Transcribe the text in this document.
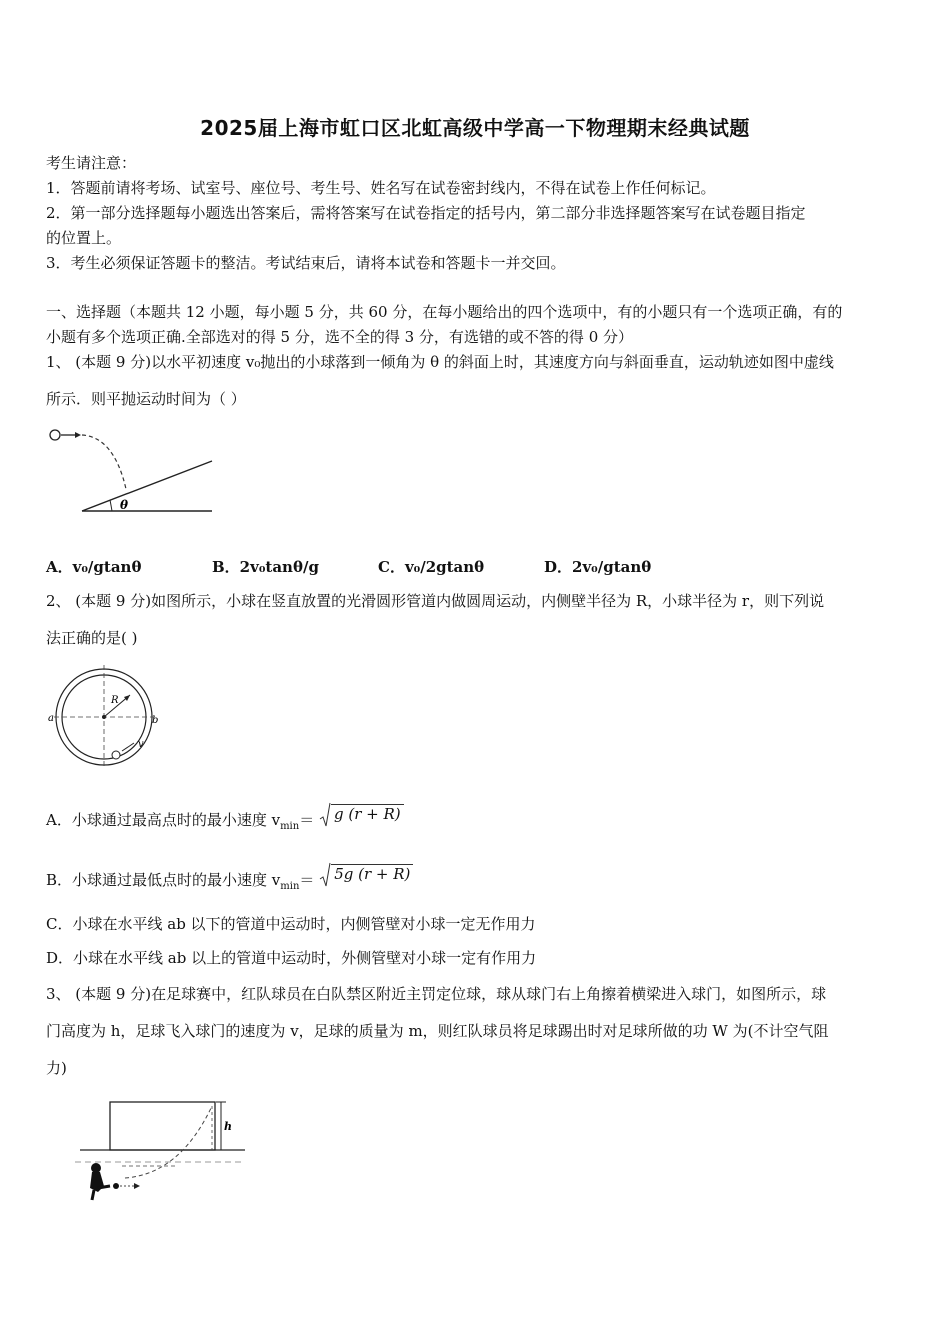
2025届上海市虹口区北虹高级中学高一下物理期末经典试题
考生请注意：
1．答题前请将考场、试室号、座位号、考生号、姓名写在试卷密封线内，不得在试卷上作任何标记。
2．第一部分选择题每小题选出答案后，需将答案写在试卷指定的括号内，第二部分非选择题答案写在试卷题目指定
的位置上。
3．考生必须保证答题卡的整洁。考试结束后，请将本试卷和答题卡一并交回。
一、选择题（本题共 12 小题，每小题 5 分，共 60 分，在每小题给出的四个选项中，有的小题只有一个选项正确，有的
小题有多个选项正确.全部选对的得 5 分，选不全的得 3 分，有选错的或不答的得 0 分）
1、 (本题 9 分)以水平初速度 v₀抛出的小球落到一倾角为 θ 的斜面上时，其速度方向与斜面垂直，运动轨迹如图中虚线
所示．则平抛运动时间为（ ）
θ
A．v₀/gtanθ	B．2v₀tanθ/g	C．v₀/2gtanθ	D．2v₀/gtanθ
2、 (本题 9 分)如图所示，小球在竖直放置的光滑圆形管道内做圆周运动，内侧壁半径为 R，小球半径为 r，则下列说
法正确的是( )
R
a	b
v
A．小球通过最高点时的最小速度 $v_{min}= g$ (r + R)
B．小球通过最低点时的最小速度 $v_{min}= 5g$ (r + R)
C．小球在水平线 ab 以下的管道中运动时，内侧管壁对小球一定无作用力
D．小球在水平线 ab 以上的管道中运动时，外侧管壁对小球一定有作用力
3、 (本题 9 分)在足球赛中，红队球员在白队禁区附近主罚定位球，球从球门右上角擦着横梁进入球门，如图所示，球
门高度为 h，足球飞入球门的速度为 v，足球的质量为 m，则红队球员将足球踢出时对足球所做的功 W 为(不计空气阻
力)
h
